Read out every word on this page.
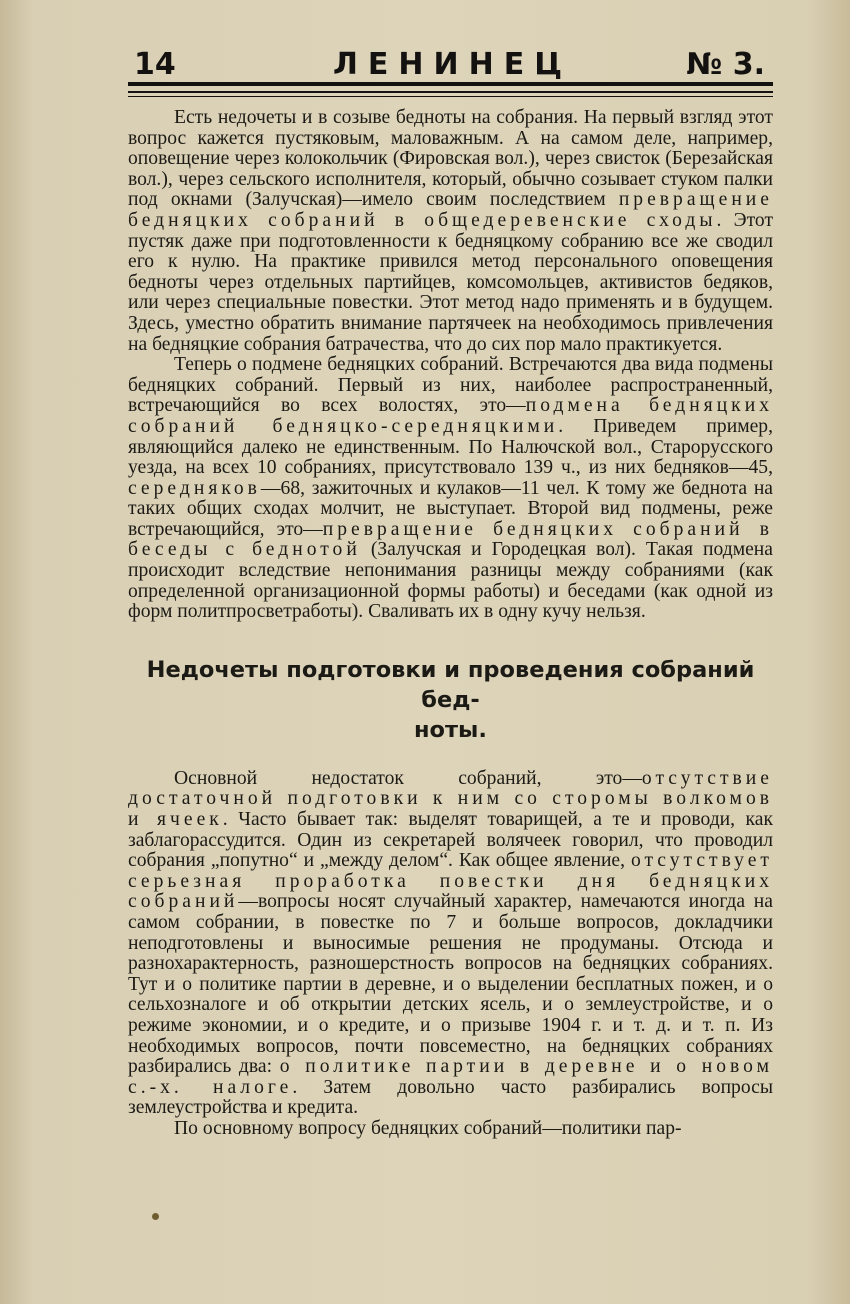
14	ЛЕНИНЕЦ	№ 3.

Есть недочеты и в созыве бедноты на собрания. На первый взгляд этот вопрос кажется пустяковым, маловажным. А на самом деле, например, оповещение через колокольчик (Фировская вол.), через свисток (Березайская вол.), через сельского исполнителя, который, обычно созывает стуком палки под окнами (Залучская)—имело своим последствием превращение бедняцких собраний в общедеревенские сходы. Этот пустяк даже при подготовленности к бедняцкому собранию все же сводил его к нулю. На практике привился метод персонального оповещения бедноты через отдельных партийцев, комсомольцев, активистов бедяков, или через специальные повестки. Этот метод надо применять и в будущем. Здесь, уместно обратить внимание партячеек на необходимось привлечения на бедняцкие собрания батрачества, что до сих пор мало практикуется.

Теперь о подмене бедняцких собраний. Встречаются два вида подмены бедняцких собраний. Первый из них, наиболее распространенный, встречающийся во всех волостях, это—подмена бедняцких собраний бедняцко-середняцкими. Приведем пример, являющийся далеко не единственным. По Налючской вол., Старорусского уезда, на всех 10 собраниях, присутствовало 139 ч., из них бедняков—45, середняков—68, зажиточных и кулаков—11 чел. К тому же беднота на таких общих сходах молчит, не выступает. Второй вид подмены, реже встречающийся, это—превращение бедняцких собраний в беседы с беднотой (Залучская и Городецкая вол). Такая подмена происходит вследствие непонимания разницы между собраниями (как определенной организационной формы работы) и беседами (как одной из форм политпросветработы). Сваливать их в одну кучу нельзя.

Недочеты подготовки и проведения собраний бед-
ноты.

Основной недостаток собраний, это—отсутствие достаточной подготовки к ним со сторомы волкомов и ячеек. Часто бывает так: выделят товарищей, а те и проводи, как заблагорассудится. Один из секретарей волячеек говорил, что проводил собрания „попутно“ и „между делом“. Как общее явление, отсутствует серьезная проработка повестки дня бедняцких собраний—вопросы носят случайный характер, намечаются иногда на самом собрании, в повестке по 7 и больше вопросов, докладчики неподготовлены и выносимые решения не продуманы. Отсюда и разнохарактерность, разношерстность вопросов на бедняцких собраниях. Тут и о политике партии в деревне, и о выделении бесплатных пожен, и о сельхозналоге и об открытии детских ясель, и о землеустройстве, и о режиме экономии, и о кредите, и о призыве 1904 г. и т. д. и т. п. Из необходимых вопросов, почти повсеместно, на бедняцких собраниях разбирались два: о политике партии в деревне и о новом с.-х. налоге. Затем довольно часто разбирались вопросы землеустройства и кредита.

По основному вопросу бедняцких собраний—политики пар-
